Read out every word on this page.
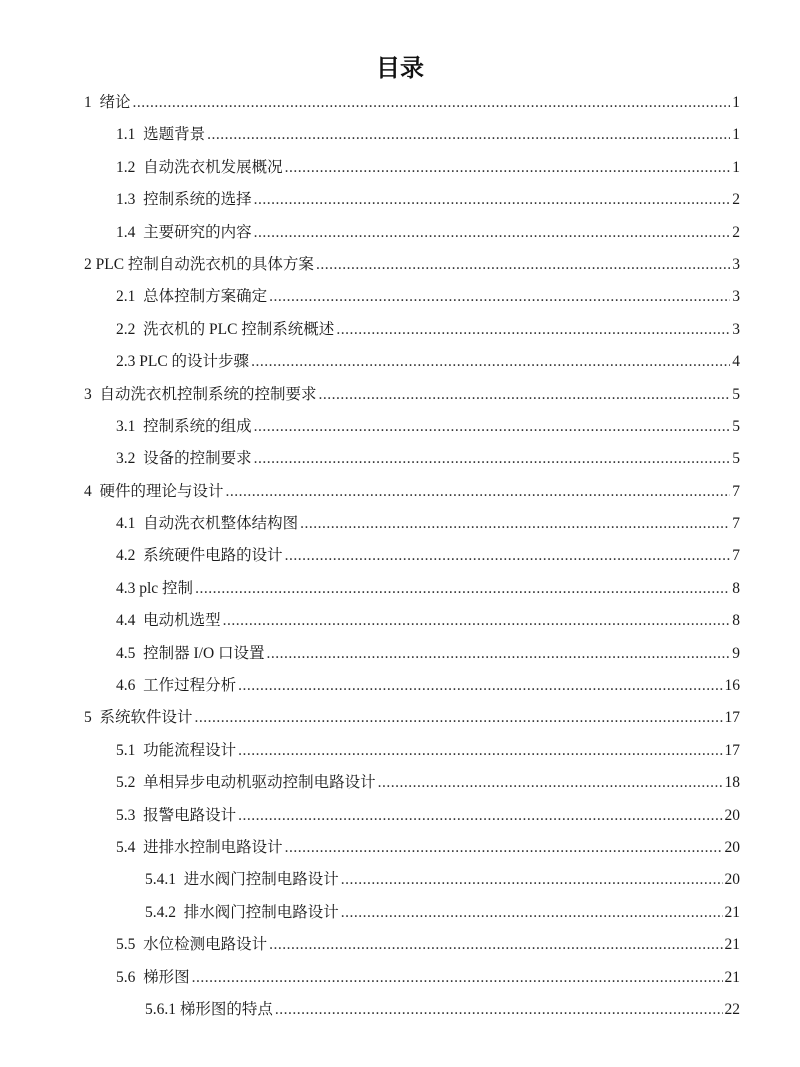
目录
1 绪论 .....	1
1.1 选题背景 .....	1
1.2 自动洗衣机发展概况 .....	1
1.3 控制系统的选择 .....	2
1.4 主要研究的内容 .....	2
2 PLC 控制自动洗衣机的具体方案 .....	3
2.1 总体控制方案确定 .....	3
2.2 洗衣机的 PLC 控制系统概述 .....	3
2.3 PLC 的设计步骤 .....	4
3 自动洗衣机控制系统的控制要求 .....	5
3.1 控制系统的组成 .....	5
3.2 设备的控制要求 .....	5
4 硬件的理论与设计 .....	7
4.1 自动洗衣机整体结构图 .....	7
4.2 系统硬件电路的设计 .....	7
4.3 plc 控制 .....	8
4.4 电动机选型 .....	8
4.5 控制器 I/O 口设置 .....	9
4.6 工作过程分析 .....	16
5 系统软件设计 .....	17
5.1 功能流程设计 .....	17
5.2 单相异步电动机驱动控制电路设计 .....	18
5.3 报警电路设计 .....	20
5.4 进排水控制电路设计 .....	20
5.4.1 进水阀门控制电路设计 .....	20
5.4.2 排水阀门控制电路设计 .....	21
5.5 水位检测电路设计 .....	21
5.6 梯形图 .....	21
5.6.1 梯形图的特点 .....	22
